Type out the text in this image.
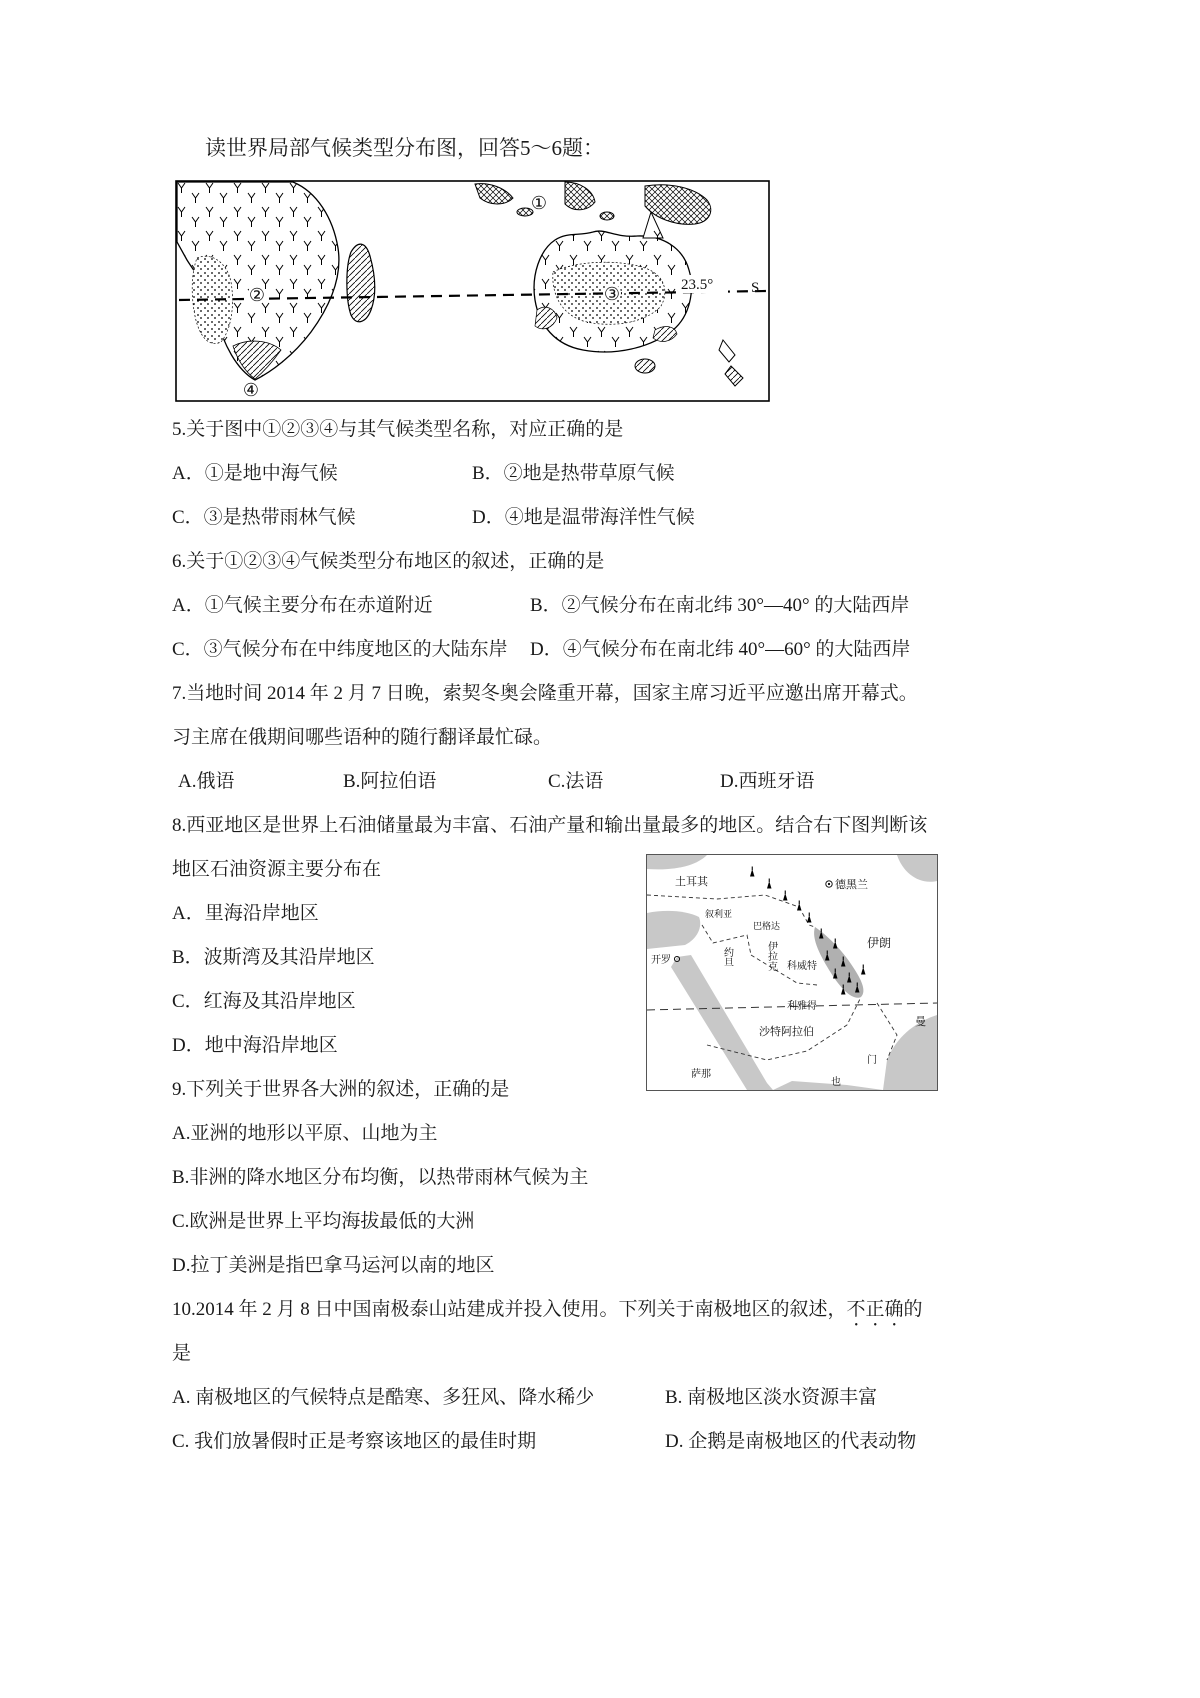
读世界局部气候类型分布图，回答5～6题：
23.5°	S
①
②	③
④
5.关于图中①②③④与其气候类型名称，对应正确的是
A．①是地中海气候	B．②地是热带草原气候
C．③是热带雨林气候	D．④地是温带海洋性气候
6.关于①②③④气候类型分布地区的叙述，正确的是
A．①气候主要分布在赤道附近	B．②气候分布在南北纬 30°—40° 的大陆西岸
C．③气候分布在中纬度地区的大陆东岸 D．④气候分布在南北纬 40°—60° 的大陆西岸
7.当地时间 2014 年 2 月 7 日晚，索契冬奥会隆重开幕，国家主席习近平应邀出席开幕式。
习主席在俄期间哪些语种的随行翻译最忙碌。
A.俄语	B.阿拉伯语	C.法语	D.西班牙语
8.西亚地区是世界上石油储量最为丰富、石油产量和输出量最多的地区。结合右下图判断该
土耳其	德黑兰
叙利亚
巴格达
伊拉克
约旦
伊朗
开罗
科威特
利雅得
沙特阿拉伯
曼
萨那
也
门
地区石油资源主要分布在
A．里海沿岸地区
B．波斯湾及其沿岸地区
C．红海及其沿岸地区
D．地中海沿岸地区
9.下列关于世界各大洲的叙述，正确的是
A.亚洲的地形以平原、山地为主
B.非洲的降水地区分布均衡，以热带雨林气候为主
C.欧洲是世界上平均海拔最低的大洲
D.拉丁美洲是指巴拿马运河以南的地区
10.2014 年 2 月 8 日中国南极泰山站建成并投入使用。下列关于南极地区的叙述，不正确的
是
A. 南极地区的气候特点是酷寒、多狂风、降水稀少	B. 南极地区淡水资源丰富
C. 我们放暑假时正是考察该地区的最佳时期	D. 企鹅是南极地区的代表动物
